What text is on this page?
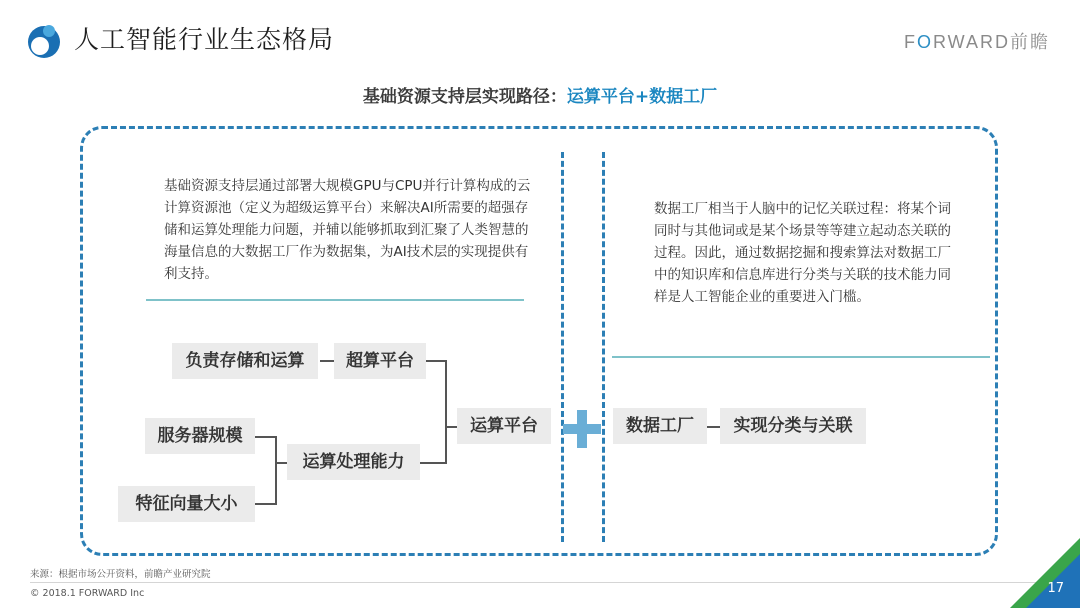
人工智能行业生态格局	FORWARD前瞻
基础资源支持层实现路径：运算平台+数据工厂
基础资源支持层通过部署大规模GPU与CPU并行计算构成的云计算资源池（定义为超级运算平台）来解决AI所需要的超强存储和运算处理能力问题，并辅以能够抓取到汇聚了人类智慧的海量信息的大数据工厂作为数据集，为AI技术层的实现提供有利支持。
负责存储和运算	超算平台
服务器规模
特征向量大小
运算处理能力
运算平台
数据工厂相当于人脑中的记忆关联过程：将某个词同时与其他词或是某个场景等等建立起动态关联的过程。因此，通过数据挖掘和搜索算法对数据工厂中的知识库和信息库进行分类与关联的技术能力同样是人工智能企业的重要进入门槛。
数据工厂	实现分类与关联
来源：根据市场公开资料，前瞻产业研究院
© 2018.1 FORWARD Inc	17
